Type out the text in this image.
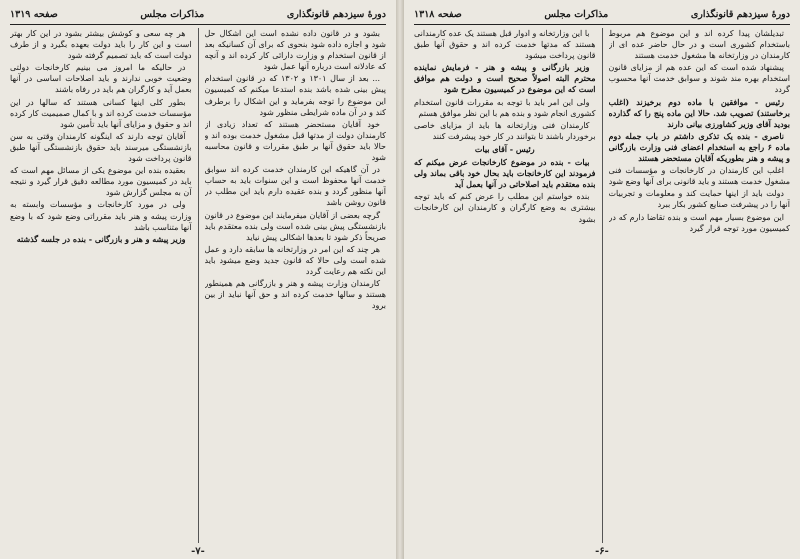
دورهٔ سیزدهم قانونگذاری
مذاکرات مجلس
صفحه ۱۳۱۹

بشود و در قانون داده نشده است این اشکال حل شود و اجازه داده شود بنحوی که برای آن کسانیکه بعد از قانون استخدام و وزارت دارائی کار کرده اند و آنچه که عادلانه است درباره آنها عمل شود

... بعد از سال ۱۳۰۱ و ۱۳۰۲ که در قانون استخدام پیش بینی شده باشد بنده استدعا میکنم که کمیسیون این موضوع را توجه بفرماید و این اشکال را برطرف کند و در آن ماده شرایطی منظور شود

خود آقایان مستحضر هستند که تعداد زیادی از کارمندان دولت از مدتها قبل مشغول خدمت بوده اند و حالا باید حقوق آنها بر طبق مقررات و قانون محاسبه شود

در آن گاهیکه این کارمندان خدمت کرده اند سوابق خدمت آنها محفوظ است و این سنوات باید به حساب آنها منظور گردد و بنده عقیده دارم باید این مطلب در قانون روشن باشد

گرچه بعضی از آقایان میفرمایند این موضوع در قانون بازنشستگی پیش بینی شده است ولی بنده معتقدم باید صریحاً ذکر شود تا بعدها اشکالی پیش نیاید

هر چند که این امر در وزارتخانه ها سابقه دارد و عمل شده است ولی حالا که قانون جدید وضع میشود باید این نکته هم رعایت گردد

کارمندان وزارت پیشه و هنر و بازرگانی هم همینطور هستند و سالها خدمت کرده اند و حق آنها نباید از بین برود

هر چه سعی و کوشش بیشتر بشود در این کار بهتر است و این کار را باید دولت بعهده بگیرد و از طرف دولت است که باید تصمیم گرفته شود

در حالیکه ما امروز می بینیم کارخانجات دولتی وضعیت خوبی ندارند و باید اصلاحات اساسی در آنها بعمل آید و کارگران هم باید در رفاه باشند

بطور کلی اینها کسانی هستند که سالها در این مؤسسات خدمت کرده اند و با کمال صمیمیت کار کرده اند و حقوق و مزایای آنها باید تأمین شود

آقایان توجه دارند که اینگونه کارمندان وقتی به سن بازنشستگی میرسند باید حقوق بازنشستگی آنها طبق قانون پرداخت شود

بعقیده بنده این موضوع یکی از مسائل مهم است که باید در کمیسیون مورد مطالعه دقیق قرار گیرد و نتیجه آن به مجلس گزارش شود

ولی در مورد کارخانجات و مؤسسات وابسته به وزارت پیشه و هنر باید مقرراتی وضع شود که با وضع آنها متناسب باشد

وزیر پیشه و هنر و بازرگانی - بنده در جلسه گذشته

-۷-
دورهٔ سیزدهم قانونگذاری
مذاکرات مجلس
صفحه ۱۳۱۸

تبدیلشان پیدا کرده اند و این موضوع هم مربوط باستخدام کشوری است و در حال حاضر عده ای از کارمندان در وزارتخانه ها مشغول خدمت هستند

پیشنهاد شده است که این عده هم از مزایای قانون استخدام بهره مند شوند و سوابق خدمت آنها محسوب گردد

رئیس - موافقین با ماده دوم برخیزند (اغلب برخاستند) تصویب شد. حالا این ماده پنج را که گذارده بودید آقای وزیر کشاورزی بیانی دارند

ناصری - بنده یک تذکری داشتم در باب جمله دوم ماده ۶ راجع به استخدام اعضای فنی وزارت بازرگانی و پیشه و هنر بطوریکه آقایان مستحضر هستند

اغلب این کارمندان در کارخانجات و مؤسسات فنی مشغول خدمت هستند و باید قانونی برای آنها وضع شود

دولت باید از اینها حمایت کند و معلومات و تجربیات آنها را در پیشرفت صنایع کشور بکار ببرد

این موضوع بسیار مهم است و بنده تقاضا دارم که در کمیسیون مورد توجه قرار گیرد

با این وزارتخانه و ادوار قبل هستند یک عده کارمندانی هستند که مدتها خدمت کرده اند و حقوق آنها طبق قانون پرداخت میشود

وزیر بازرگانی و پیشه و هنر - فرمایش نماینده محترم البته اصولاً صحیح است و دولت هم موافق است که این موضوع در کمیسیون مطرح شود

ولی این امر باید با توجه به مقررات قانون استخدام کشوری انجام شود و بنده هم با این نظر موافق هستم

کارمندان فنی وزارتخانه ها باید از مزایای خاصی برخوردار باشند تا بتوانند در کار خود پیشرفت کنند

رئیس - آقای بیات

بیات - بنده در موضوع کارخانجات عرض میکنم که فرمودند این کارخانجات باید بحال خود باقی بماند ولی بنده معتقدم باید اصلاحاتی در آنها بعمل آید

بنده خواستم این مطلب را عرض کنم که باید توجه بیشتری به وضع کارگران و کارمندان این کارخانجات بشود

-۶-
